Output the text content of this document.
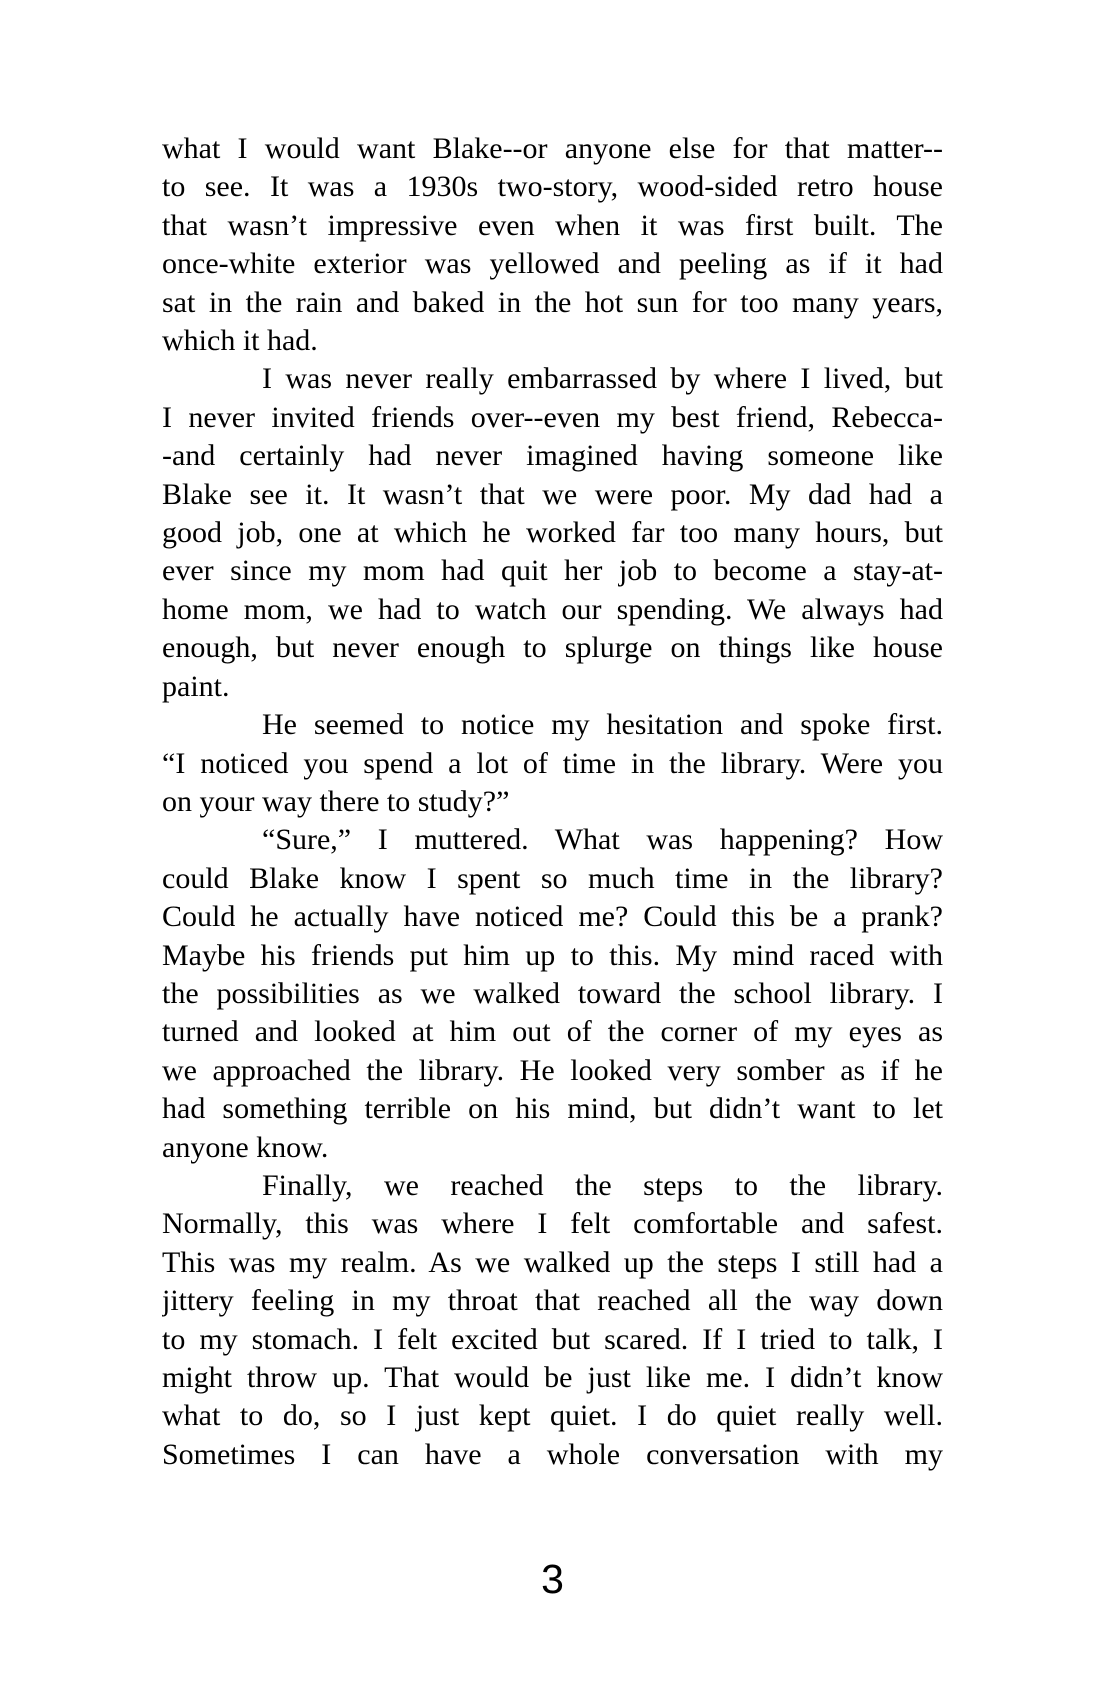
what I would want Blake--or anyone else for that matter--
to see. It was a 1930s two-story, wood-sided retro house
that wasn’t impressive even when it was first built. The
once-white exterior was yellowed and peeling as if it had
sat in the rain and baked in the hot sun for too many years,
which it had.
I was never really embarrassed by where I lived, but
I never invited friends over--even my best friend, Rebecca-
-and certainly had never imagined having someone like
Blake see it. It wasn’t that we were poor. My dad had a
good job, one at which he worked far too many hours, but
ever since my mom had quit her job to become a stay-at-
home mom, we had to watch our spending. We always had
enough, but never enough to splurge on things like house
paint.
He seemed to notice my hesitation and spoke first.
“I noticed you spend a lot of time in the library. Were you
on your way there to study?”
“Sure,” I muttered. What was happening? How
could Blake know I spent so much time in the library?
Could he actually have noticed me? Could this be a prank?
Maybe his friends put him up to this. My mind raced with
the possibilities as we walked toward the school library. I
turned and looked at him out of the corner of my eyes as
we approached the library. He looked very somber as if he
had something terrible on his mind, but didn’t want to let
anyone know.
Finally, we reached the steps to the library.
Normally, this was where I felt comfortable and safest.
This was my realm. As we walked up the steps I still had a
jittery feeling in my throat that reached all the way down
to my stomach. I felt excited but scared. If I tried to talk, I
might throw up. That would be just like me. I didn’t know
what to do, so I just kept quiet. I do quiet really well.
Sometimes I can have a whole conversation with my
3
